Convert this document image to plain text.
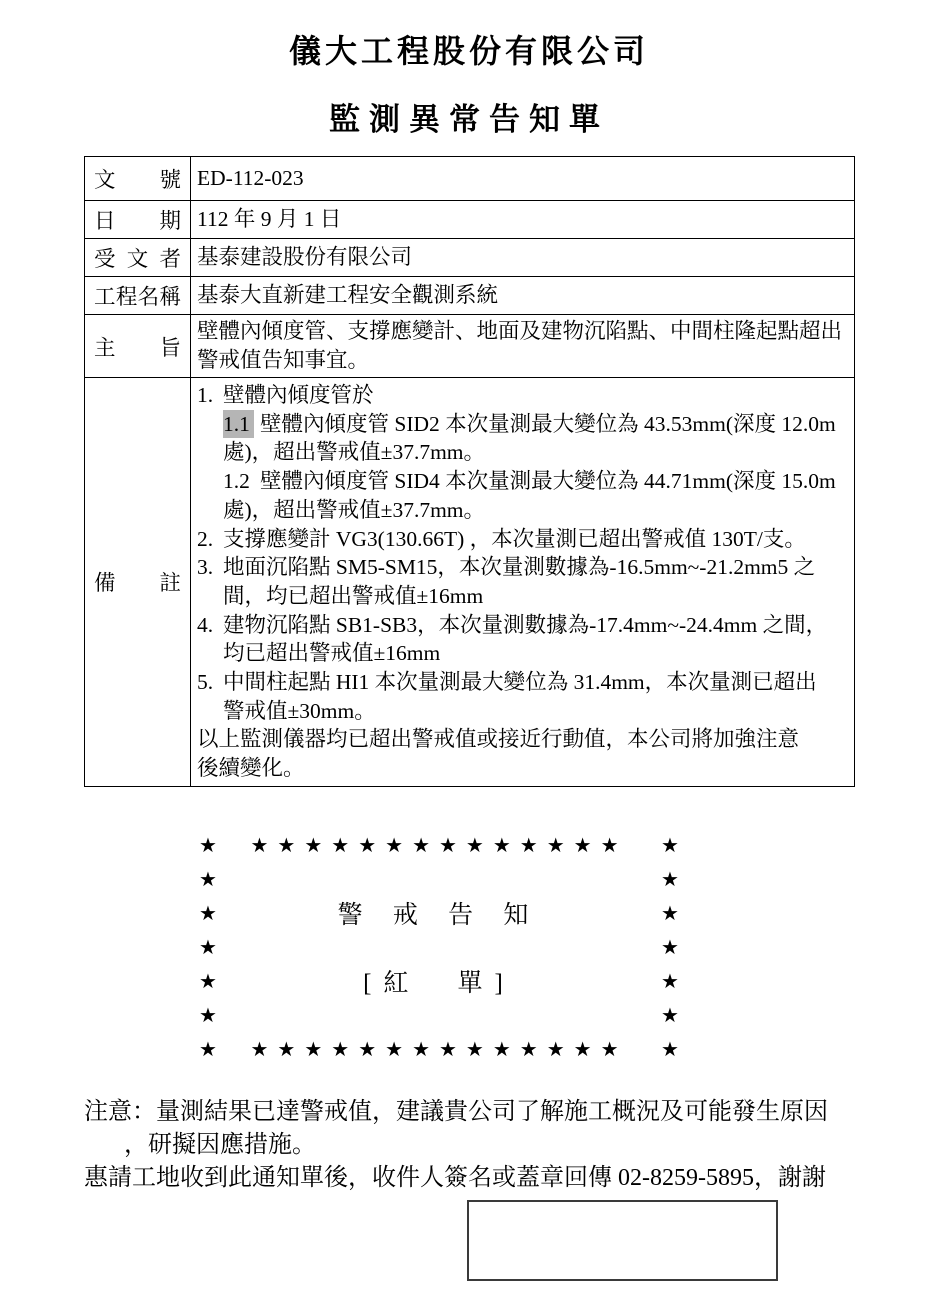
儀大工程股份有限公司
監測異常告知單
文號	ED-112-023
日期	112 年 9 月 1 日
受文者	基泰建設股份有限公司
工程名稱	基泰大直新建工程安全觀測系統
主旨	壁體內傾度管、支撐應變計、地面及建物沉陷點、中間柱隆起點超出警戒值告知事宜。
備註	
1. 壁體內傾度管於
1.1 壁體內傾度管 SID2 本次量測最大變位為 43.53mm(深度 12.0m
處)，超出警戒值±37.7mm。
1.2 壁體內傾度管 SID4 本次量測最大變位為 44.71mm(深度 15.0m
處)，超出警戒值±37.7mm。
2. 支撐應變計 VG3(130.66T) ，本次量測已超出警戒值 130T/支。
3. 地面沉陷點 SM5-SM15，本次量測數據為-16.5mm~-21.2mm5 之
間，均已超出警戒值±16mm
4. 建物沉陷點 SB1-SB3，本次量測數據為-17.4mm~-24.4mm 之間，
均已超出警戒值±16mm
5. 中間柱起點 HI1 本次量測最大變位為 31.4mm，本次量測已超出
警戒值±30mm。
以上監測儀器均已超出警戒值或接近行動值，本公司將加強注意
後續變化。
★	★★★★★★★★★★★★★★	★
★	★
★	警 戒 告 知	★
★	★
★	[紅　單]	★
★	★
★	★★★★★★★★★★★★★★	★
注意：量測結果已達警戒值，建議貴公司了解施工概況及可能發生原因
，研擬因應措施。
惠請工地收到此通知單後，收件人簽名或蓋章回傳 02-8259-5895，謝謝
